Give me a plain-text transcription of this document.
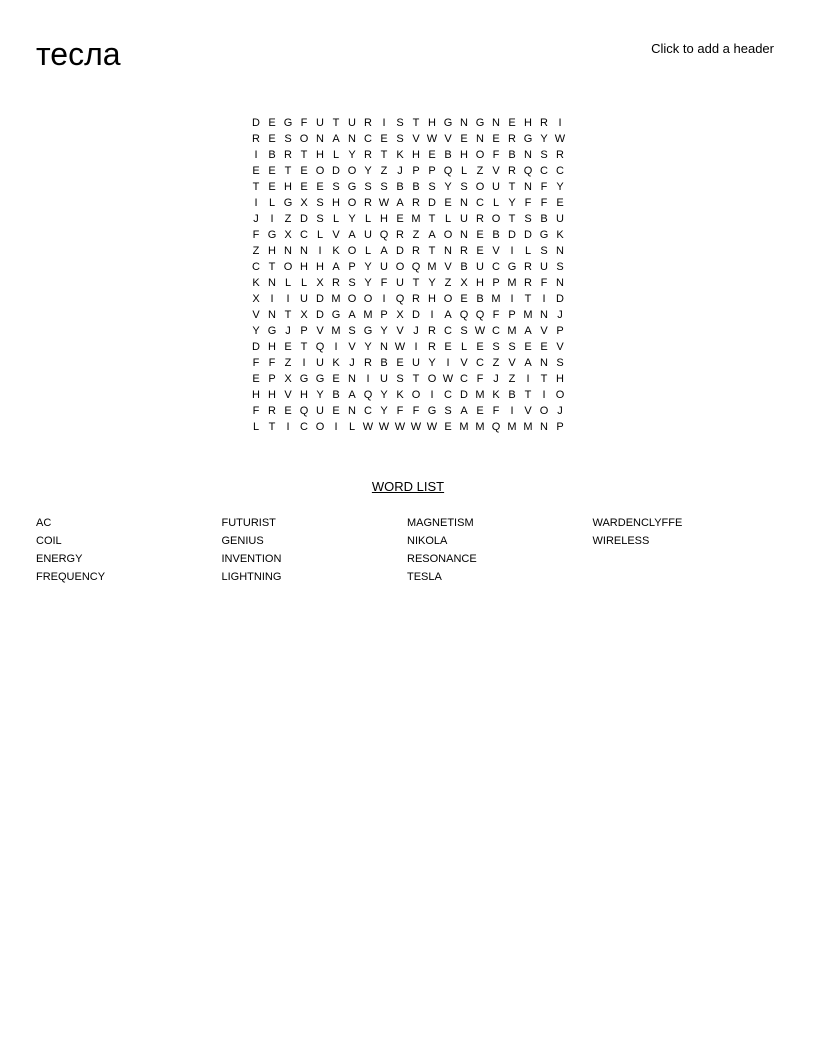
тесла	Click to add a header
D E G F U T U R I S T H G N G N E H R I
R E S O N A N C E S V W V E N E R G Y W
I B R T H L Y R T K H E B H O F B N S R
E E T E O D O Y Z J P P Q L Z V R Q C C
T E H E E S G S S B B S Y S O U T N F Y
I	L G X S H O R W A R D E N C L Y F F E
J	I	Z D S L Y L H E M T L U R O T S B U
F G X C L V A U Q R Z A O N E B D D G K
Z H N N I K O L A D R T N R E V I	L S N
C T O H H A P Y U O Q M V B U C G R U S
K N L L X R S Y F U T Y Z X H P M R F N
X I	I U D M O O I Q R H O E B M I	T	I D
V N T X D G A M P X D I A Q Q F P M N J
Y G J P V M S G Y V J R C S W C M A V P
D H E T Q I V Y N W I R E L E S S E E V
F F Z	I U K J R B E U Y I V C Z V A N S
E P X G G E N I U S T O W C F J Z	I	T H
H H V H Y B A Q Y K O I C D M K B T	I O
F R E Q U E N C Y F F G S A E F	I V O J
L T	I C O I	L W W W W W E M M Q M M N P
WORD LIST
AC
COIL
ENERGY
FREQUENCY
FUTURIST
GENIUS
INVENTION
LIGHTNING
MAGNETISM
NIKOLA
RESONANCE
TESLA
WARDENCLYFFE
WIRELESS
